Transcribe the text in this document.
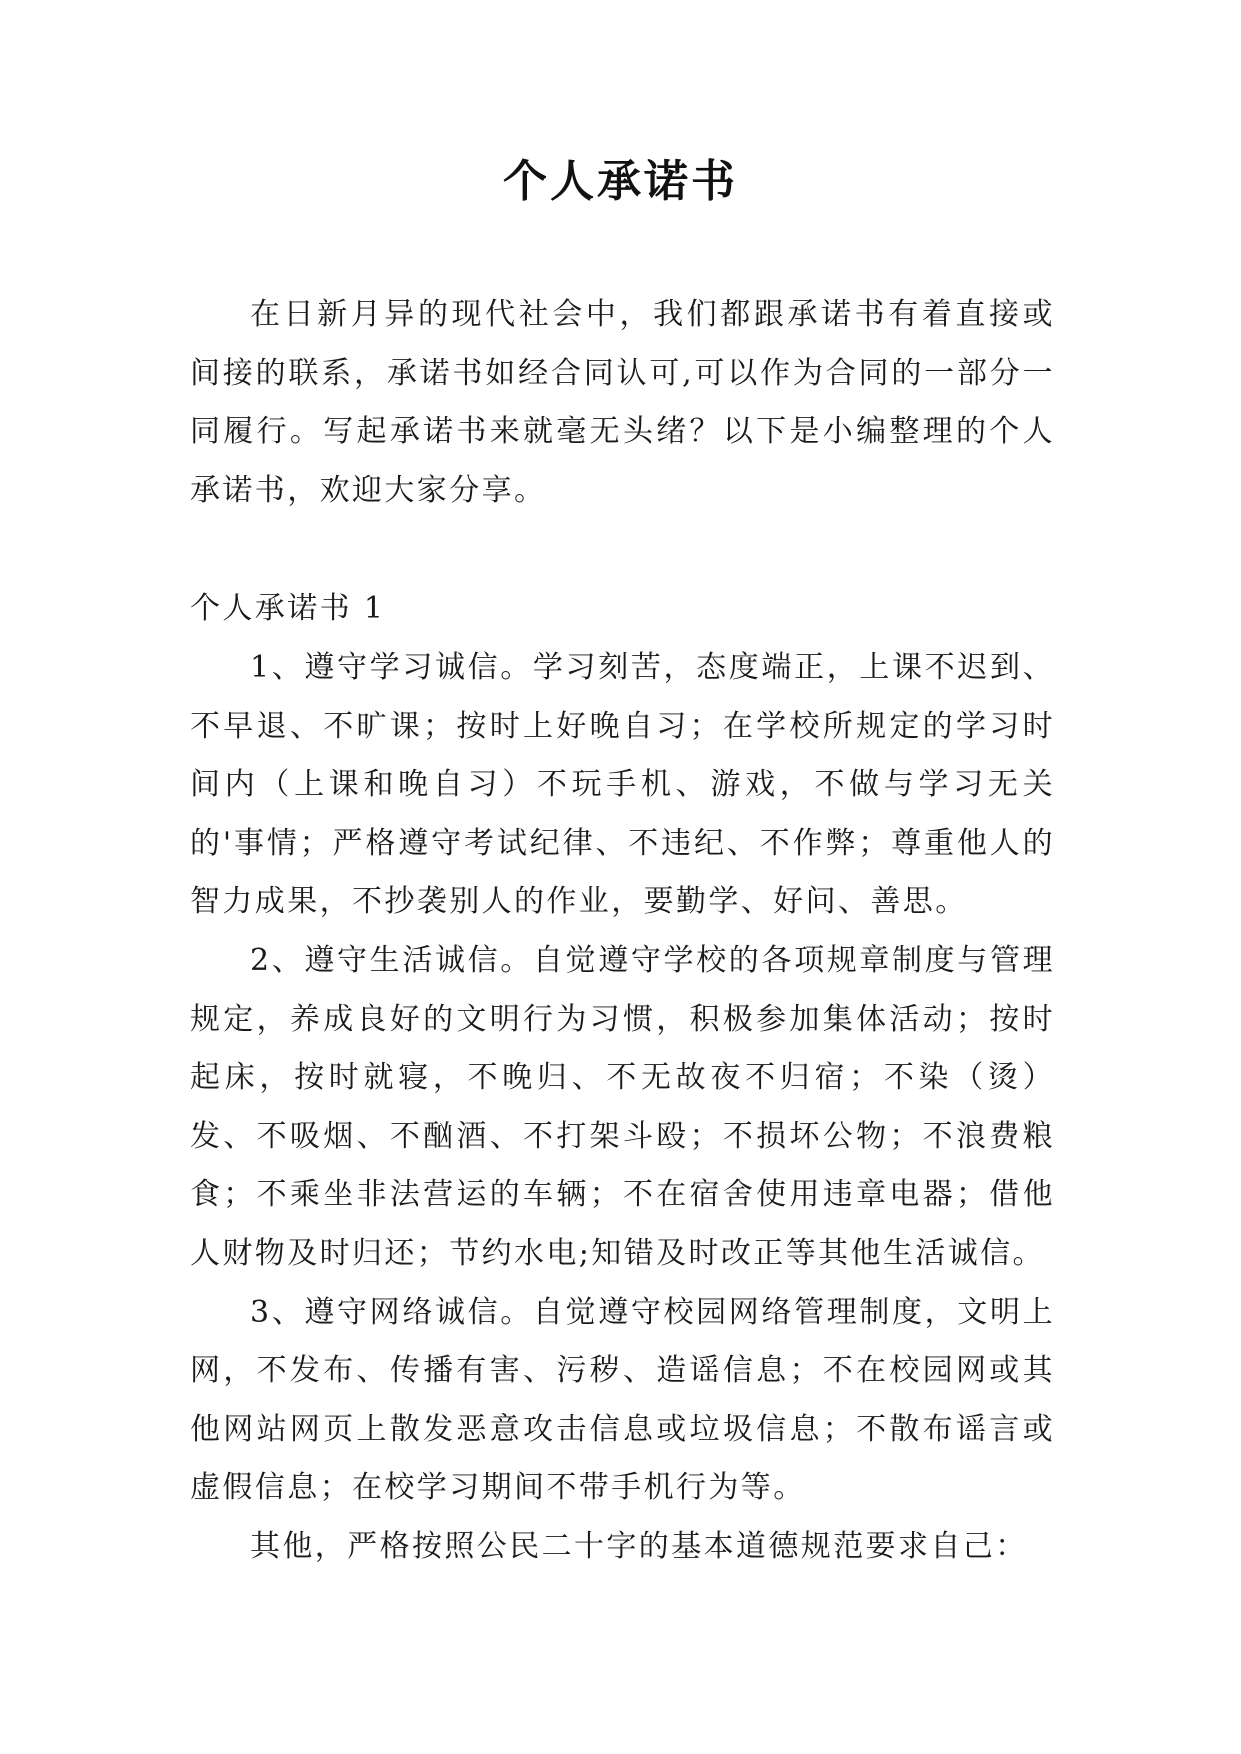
个人承诺书

在日新月异的现代社会中，我们都跟承诺书有着直接或间接的联系，承诺书如经合同认可,可以作为合同的一部分一同履行。写起承诺书来就毫无头绪？以下是小编整理的个人承诺书，欢迎大家分享。

个人承诺书 1

1、遵守学习诚信。学习刻苦，态度端正，上课不迟到、不早退、不旷课；按时上好晚自习；在学校所规定的学习时间内（上课和晚自习）不玩手机、游戏，不做与学习无关的'事情；严格遵守考试纪律、不违纪、不作弊；尊重他人的智力成果，不抄袭别人的作业，要勤学、好问、善思。

2、遵守生活诚信。自觉遵守学校的各项规章制度与管理规定，养成良好的文明行为习惯，积极参加集体活动；按时起床，按时就寝，不晚归、不无故夜不归宿；不染（烫）发、不吸烟、不酗酒、不打架斗殴；不损坏公物；不浪费粮食；不乘坐非法营运的车辆；不在宿舍使用违章电器；借他人财物及时归还；节约水电;知错及时改正等其他生活诚信。

3、遵守网络诚信。自觉遵守校园网络管理制度，文明上网，不发布、传播有害、污秽、造谣信息；不在校园网或其他网站网页上散发恶意攻击信息或垃圾信息；不散布谣言或虚假信息；在校学习期间不带手机行为等。

其他，严格按照公民二十字的基本道德规范要求自己：
